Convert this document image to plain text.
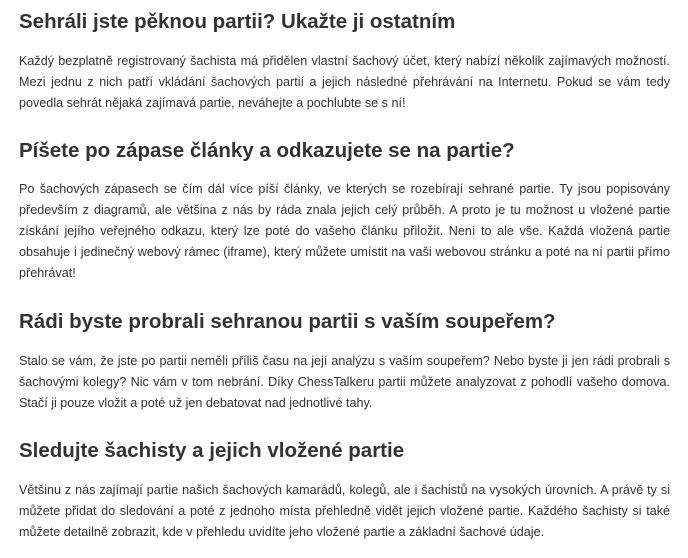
Sehráli jste pěknou partii? Ukažte ji ostatním

Každý bezplatně registrovaný šachista má přidělen vlastní šachový účet, který nabízí několik zajímavých možností. Mezi jednu z nich patří vkládání šachových partií a jejich následné přehrávání na Internetu. Pokud se vám tedy povedla sehrát nějaká zajímavá partie, neváhejte a pochlubte se s ní!

Píšete po zápase články a odkazujete se na partie?

Po šachových zápasech se čím dál více píší články, ve kterých se rozebírají sehrané partie. Ty jsou popisovány především z diagramů, ale většina z nás by ráda znala jejich celý průběh. A proto je tu možnost u vložené partie získání jejího veřejného odkazu, který lze poté do vašeho článku přiložit. Není to ale vše. Každá vložená partie obsahuje i jedinečný webový rámec (iframe), který můžete umístit na vaši webovou stránku a poté na ní partii přímo přehrávat!

Rádi byste probrali sehranou partii s vaším soupeřem?

Stalo se vám, že jste po partii neměli příliš času na její analýzu s vaším soupeřem? Nebo byste ji jen rádi probrali s šachovými kolegy? Nic vám v tom nebrání. Díky ChessTalkeru partii můžete analyzovat z pohodlí vašeho domova. Stačí ji pouze vložit a poté už jen debatovat nad jednotlivé tahy.

Sledujte šachisty a jejich vložené partie

Většinu z nás zajímají partie našich šachových kamarádů, kolegů, ale i šachistů na vysokých úrovních. A právě ty si můžete přidat do sledování a poté z jednoho místa přehledně vidět jejich vložené partie. Každého šachisty si také můžete detailně zobrazit, kde v přehledu uvidíte jeho vložené partie a základní šachové údaje.
